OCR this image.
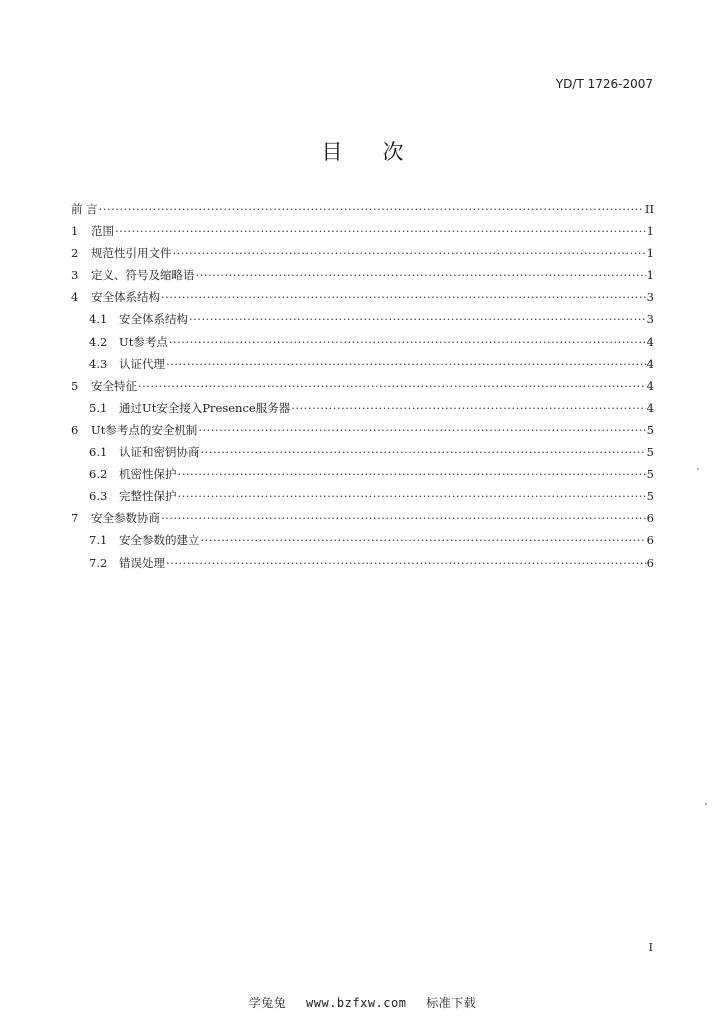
YD/T 1726-2007
目次
前 言 ·····	II
1	范围 ·····	1
2	规范性引用文件 ·····	1
3	定义、符号及缩略语 ·····	1
4	安全体系结构 ·····	3
4.1	安全体系结构 ·····	3
4.2	Ut参考点 ·····	4
4.3	认证代理 ·····	4
5	安全特征 ·····	4
5.1	通过Ut安全接入Presence服务器 ·····	4
6	Ut参考点的安全机制 ·····	5
6.1	认证和密钥协商 ·····	5
6.2	机密性保护 ·····	5
6.3	完整性保护 ·····	5
7	安全参数协商 ·····	6
7.1	安全参数的建立 ·····	6
7.2	错误处理 ·····	6
I
学兔兔 www.bzfxw.com 标准下载
